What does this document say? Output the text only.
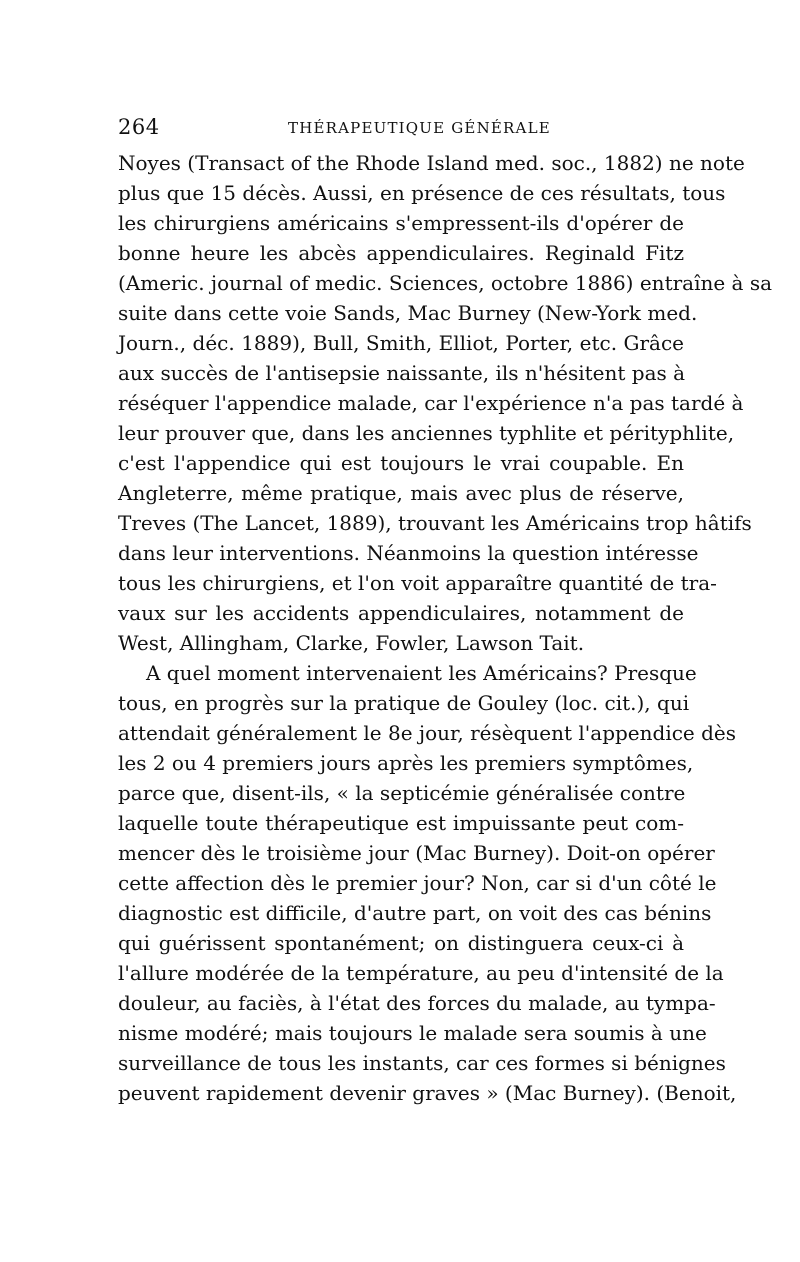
264	THÉRAPEUTIQUE GÉNÉRALE
Noyes (Transact of the Rhode Island med. soc., 1882) ne note
plus que 15 décès. Aussi, en présence de ces résultats, tous
les chirurgiens américains s'empressent-ils d'opérer de
bonne heure les abcès appendiculaires. Reginald Fitz
(Americ. journal of medic. Sciences, octobre 1886) entraîne à sa
suite dans cette voie Sands, Mac Burney (New-York med.
Journ., déc. 1889), Bull, Smith, Elliot, Porter, etc. Grâce
aux succès de l'antisepsie naissante, ils n'hésitent pas à
réséquer l'appendice malade, car l'expérience n'a pas tardé à
leur prouver que, dans les anciennes typhlite et pérityphlite,
c'est l'appendice qui est toujours le vrai coupable. En
Angleterre, même pratique, mais avec plus de réserve,
Treves (The Lancet, 1889), trouvant les Américains trop hâtifs
dans leur interventions. Néanmoins la question intéresse
tous les chirurgiens, et l'on voit apparaître quantité de tra-
vaux sur les accidents appendiculaires, notamment de
West, Allingham, Clarke, Fowler, Lawson Tait.
A quel moment intervenaient les Américains? Presque
tous, en progrès sur la pratique de Gouley (loc. cit.), qui
attendait généralement le 8e jour, résèquent l'appendice dès
les 2 ou 4 premiers jours après les premiers symptômes,
parce que, disent-ils, « la septicémie généralisée contre
laquelle toute thérapeutique est impuissante peut com-
mencer dès le troisième jour (Mac Burney). Doit-on opérer
cette affection dès le premier jour? Non, car si d'un côté le
diagnostic est difficile, d'autre part, on voit des cas bénins
qui guérissent spontanément; on distinguera ceux-ci à
l'allure modérée de la température, au peu d'intensité de la
douleur, au faciès, à l'état des forces du malade, au tympa-
nisme modéré; mais toujours le malade sera soumis à une
surveillance de tous les instants, car ces formes si bénignes
peuvent rapidement devenir graves » (Mac Burney). (Benoit,
